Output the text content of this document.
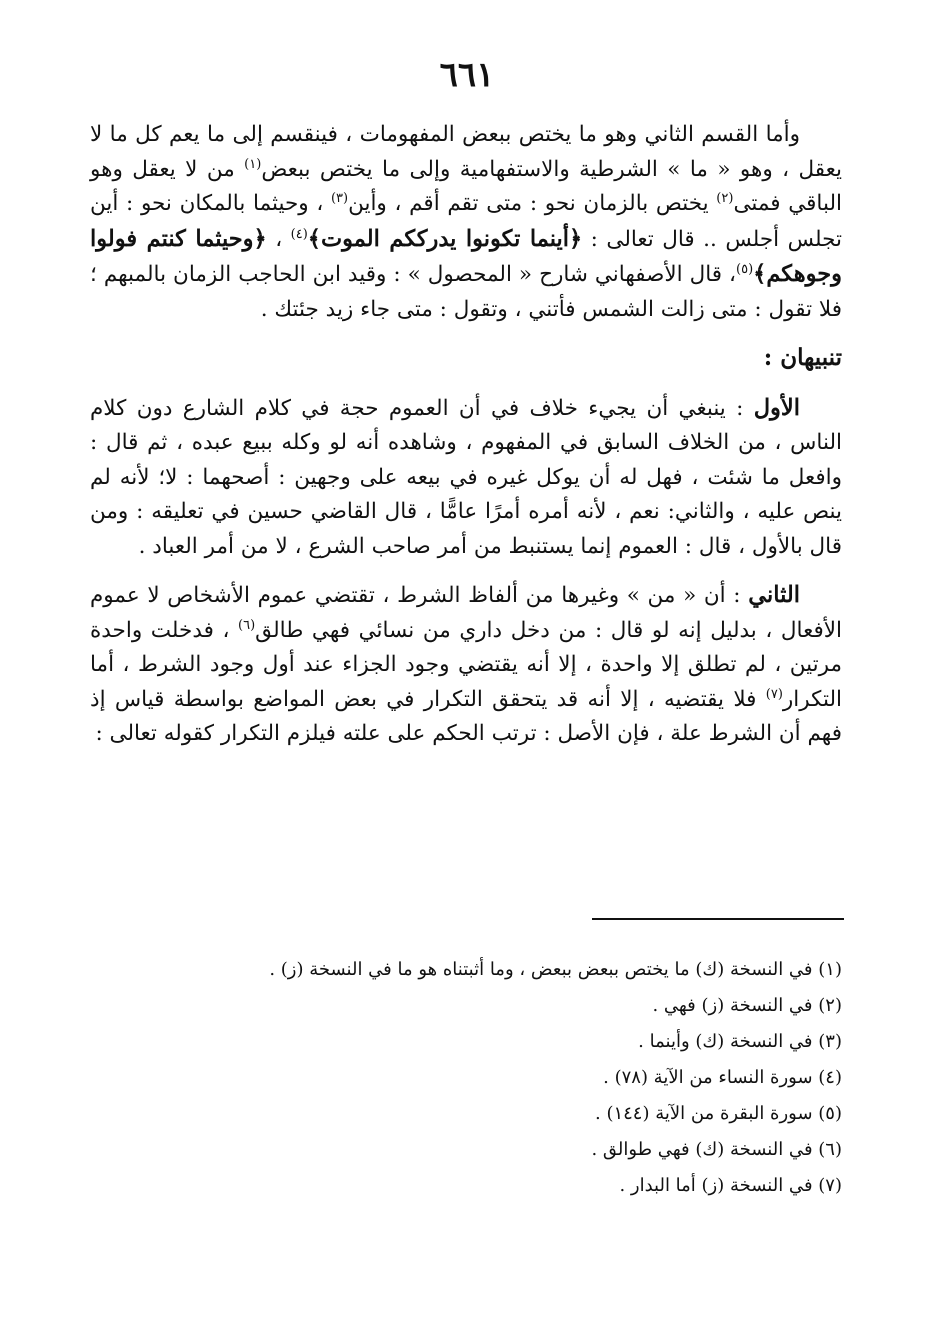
٦٦١

وأما القسم الثاني وهو ما يختص ببعض المفهومات ، فينقسم إلى ما يعم كل ما لا يعقل ، وهو « ما » الشرطية والاستفهامية وإلى ما يختص ببعض$^{(١)}$ من لا يعقل وهو الباقي فمتى$^{(٢)}$ يختص بالزمان نحو : متى تقم أقم ، وأين$^{(٣)}$ ، وحيثما بالمكان نحو : أين تجلس أجلس .. قال تعالى : ﴿أينما تكونوا يدرككم الموت﴾$^{(٤)}$ ، ﴿وحيثما كنتم فولوا وجوهكم﴾$^{(٥)}$، قال الأصفهاني شارح « المحصول » : وقيد ابن الحاجب الزمان بالمبهم ؛ فلا تقول : متى زالت الشمس فأتني ، وتقول : متى جاء زيد جئتك .

تنبيهان :

الأول : ينبغي أن يجيء خلاف في أن العموم حجة في كلام الشارع دون كلام الناس ، من الخلاف السابق في المفهوم ، وشاهده أنه لو وكله ببيع عبده ، ثم قال : وافعل ما شئت ، فهل له أن يوكل غيره في بيعه على وجهين : أصحهما : لا؛ لأنه لم ينص عليه ، والثاني: نعم ، لأنه أمره أمرًا عامًّا ، قال القاضي حسين في تعليقه : ومن قال بالأول ، قال : العموم إنما يستنبط من أمر صاحب الشرع ، لا من أمر العباد .

الثاني : أن « من » وغيرها من ألفاظ الشرط ، تقتضي عموم الأشخاص لا عموم الأفعال ، بدليل إنه لو قال : من دخل داري من نسائي فهي طالق$^{(٦)}$ ، فدخلت واحدة مرتين ، لم تطلق إلا واحدة ، إلا أنه يقتضي وجود الجزاء عند أول وجود الشرط ، أما التكرار$^{(٧)}$ فلا يقتضيه ، إلا أنه قد يتحقق التكرار في بعض المواضع بواسطة قياس إذ فهم أن الشرط علة ، فإن الأصل : ترتب الحكم على علته فيلزم التكرار كقوله تعالى :

(١) في النسخة (ك) ما يختص ببعض ببعض ، وما أثبتناه هو ما في النسخة (ز) .
(٢) في النسخة (ز) فهي .
(٣) في النسخة (ك) وأينما .
(٤) سورة النساء من الآية (٧٨) .
(٥) سورة البقرة من الآية (١٤٤) .
(٦) في النسخة (ك) فهي طوالق .
(٧) في النسخة (ز) أما البدار .
